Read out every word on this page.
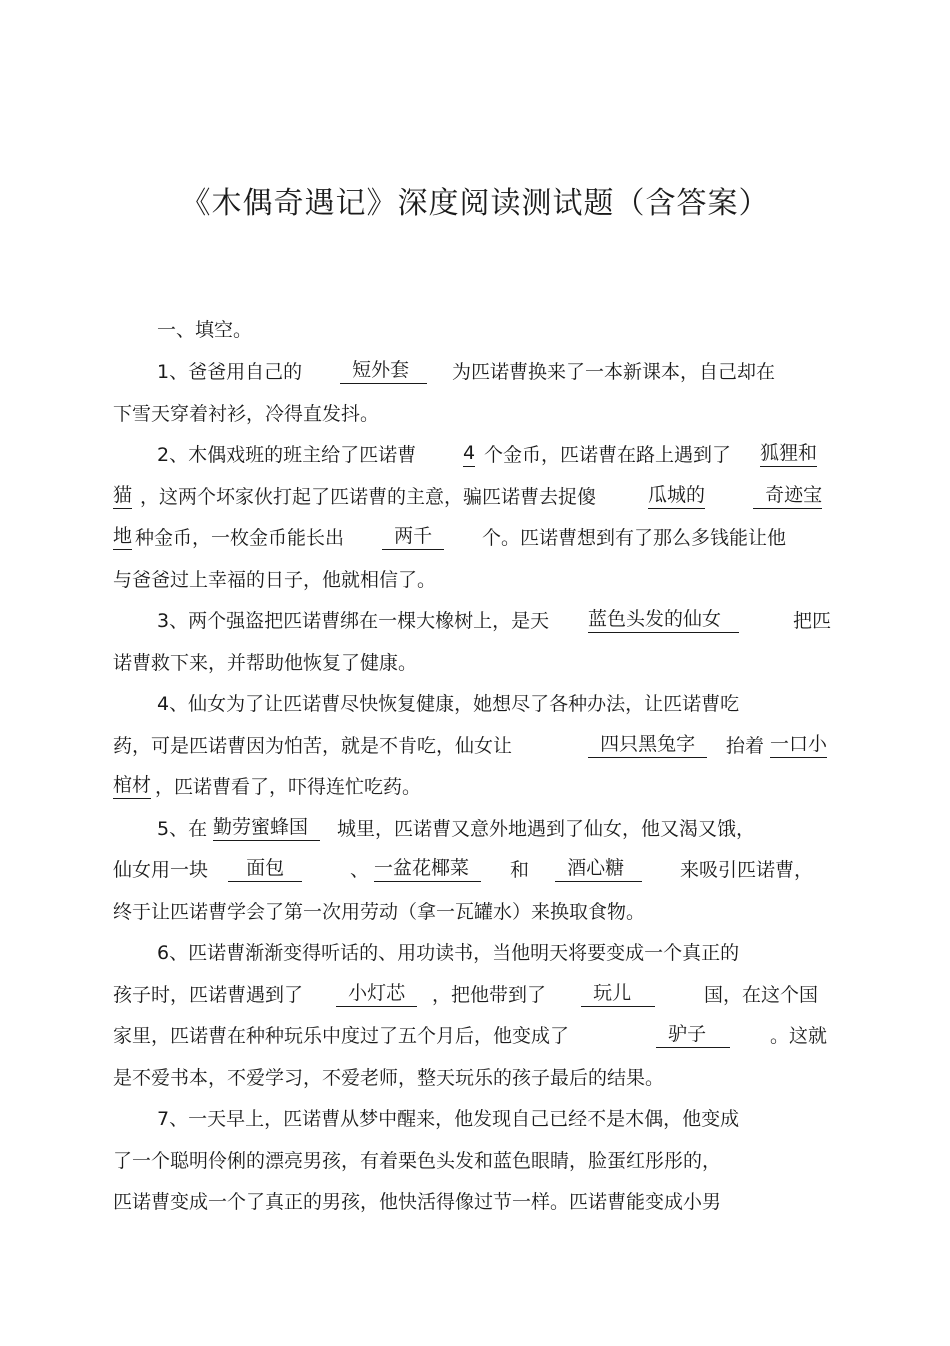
《木偶奇遇记》深度阅读测试题（含答案）

一、填空。

1、爸爸用自己的

短外套

为匹诺曹换来了一本新课本，自己却在

下雪天穿着衬衫，冷得直发抖。

2、木偶戏班的班主给了匹诺曹

4

个金币，匹诺曹在路上遇到了

狐狸和

猫

，这两个坏家伙打起了匹诺曹的主意，骗匹诺曹去捉傻

	瓜城的

	奇迹宝

地

种金币，一枚金币能长出

两千

个。匹诺曹想到有了那么多钱能让他

与爸爸过上幸福的日子，他就相信了。

3、两个强盗把匹诺曹绑在一棵大橡树上，是天

蓝色头发的仙女

	把匹

诺曹救下来，并帮助他恢复了健康。

4、仙女为了让匹诺曹尽快恢复健康，她想尽了各种办法，让匹诺曹吃

药，可是匹诺曹因为怕苦，就是不肯吃，仙女让

	四只黑兔字

抬着

一口小

棺材

，匹诺曹看了，吓得连忙吃药。

5、在

勤劳蜜蜂国

城里，匹诺曹又意外地遇到了仙女，他又渴又饿，

仙女用一块

面包

	、

一盆花椰菜

和

酒心糖

来吸引匹诺曹，

终于让匹诺曹学会了第一次用劳动（拿一瓦罐水）来换取食物。

6、匹诺曹渐渐变得听话的、用功读书，当他明天将要变成一个真正的

孩子时，匹诺曹遇到了

小灯芯

，把他带到了

玩儿

	国，在这个国

家里，匹诺曹在种种玩乐中度过了五个月后，他变成了

	驴子

。这就

是不爱书本，不爱学习，不爱老师，整天玩乐的孩子最后的结果。

7、一天早上，匹诺曹从梦中醒来，他发现自己已经不是木偶，他变成

了一个聪明伶俐的漂亮男孩，有着栗色头发和蓝色眼睛，脸蛋红彤彤的，

匹诺曹变成一个了真正的男孩，他快活得像过节一样。匹诺曹能变成小男
